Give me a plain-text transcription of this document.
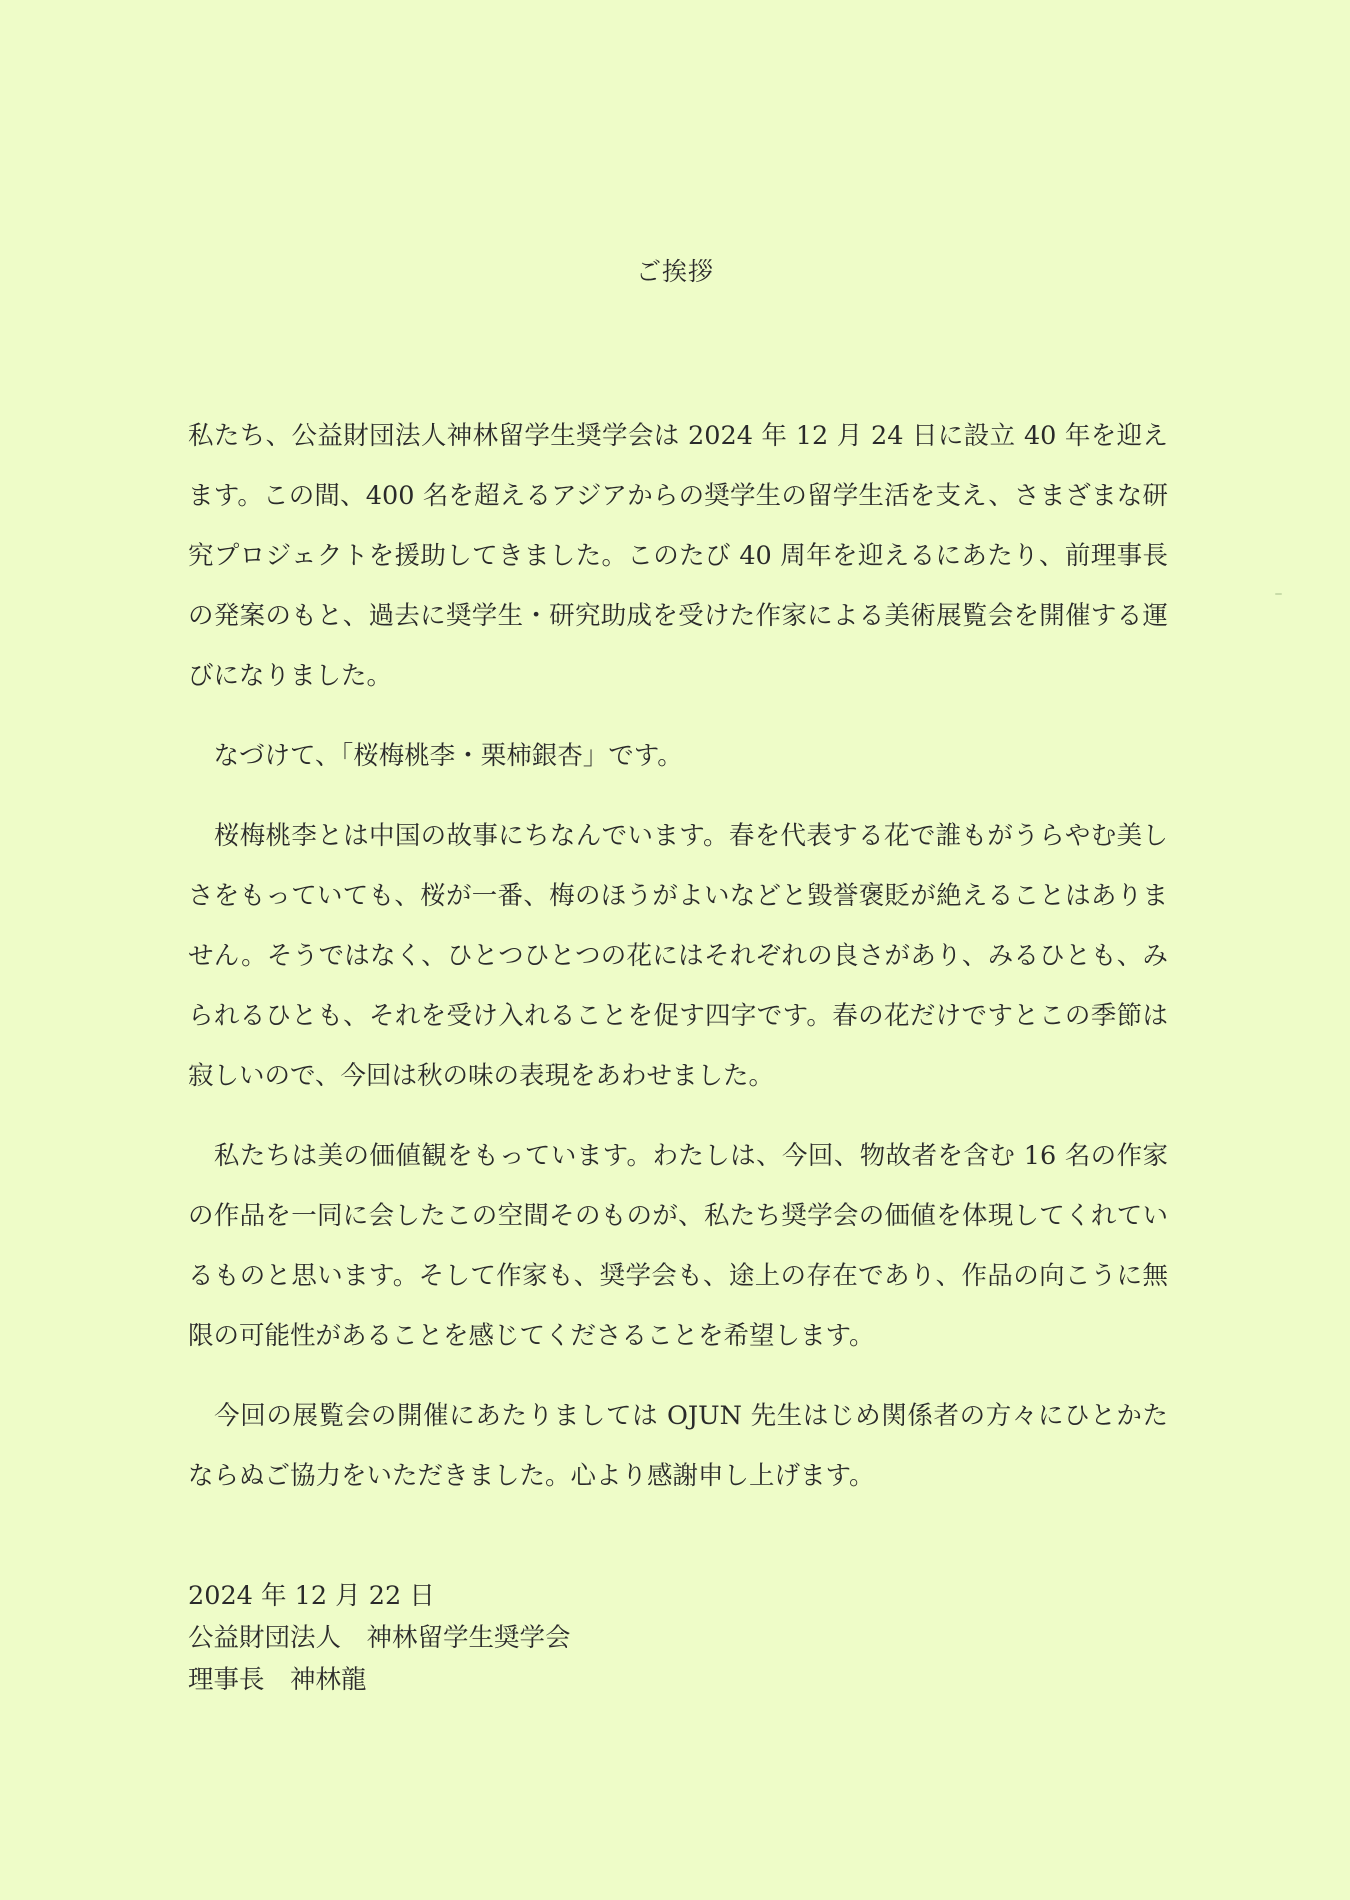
ご挨拶

私たち、公益財団法人神林留学生奨学会は 2024 年 12 月 24 日に設立 40 年を迎えます。この間、400 名を超えるアジアからの奨学生の留学生活を支え、さまざまな研究プロジェクトを援助してきました。このたび 40 周年を迎えるにあたり、前理事長の発案のもと、過去に奨学生・研究助成を受けた作家による美術展覧会を開催する運びになりました。

　なづけて、「桜梅桃李・栗柿銀杏」です。

　桜梅桃李とは中国の故事にちなんでいます。春を代表する花で誰もがうらやむ美しさをもっていても、桜が一番、梅のほうがよいなどと毀誉褒貶が絶えることはありません。そうではなく、ひとつひとつの花にはそれぞれの良さがあり、みるひとも、みられるひとも、それを受け入れることを促す四字です。春の花だけですとこの季節は寂しいので、今回は秋の味の表現をあわせました。

　私たちは美の価値観をもっています。わたしは、今回、物故者を含む 16 名の作家の作品を一同に会したこの空間そのものが、私たち奨学会の価値を体現してくれているものと思います。そして作家も、奨学会も、途上の存在であり、作品の向こうに無限の可能性があることを感じてくださることを希望します。

　今回の展覧会の開催にあたりましては OJUN 先生はじめ関係者の方々にひとかたならぬご協力をいただきました。心より感謝申し上げます。

2024 年 12 月 22 日
公益財団法人　神林留学生奨学会
理事長　神林龍
